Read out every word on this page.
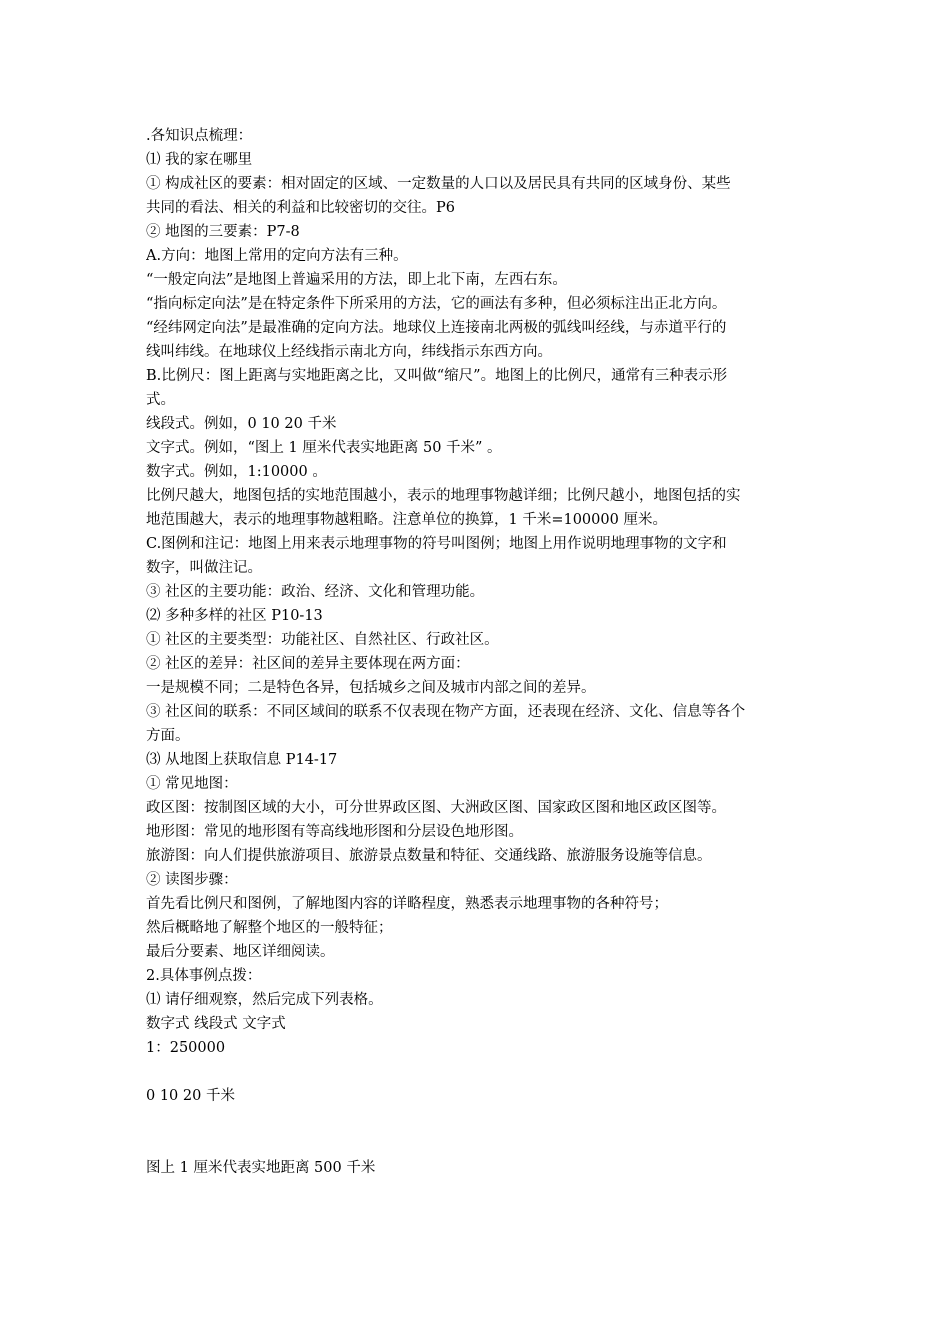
.各知识点梳理：
⑴ 我的家在哪里
① 构成社区的要素：相对固定的区域、一定数量的人口以及居民具有共同的区域身份、某些
共同的看法、相关的利益和比较密切的交往。P6
② 地图的三要素：P7-8
A.方向：地图上常用的定向方法有三种。
“一般定向法”是地图上普遍采用的方法，即上北下南，左西右东。
“指向标定向法”是在特定条件下所采用的方法，它的画法有多种，但必须标注出正北方向。
“经纬网定向法”是最准确的定向方法。地球仪上连接南北两极的弧线叫经线，与赤道平行的
线叫纬线。在地球仪上经线指示南北方向，纬线指示东西方向。
B.比例尺：图上距离与实地距离之比，又叫做“缩尺”。地图上的比例尺，通常有三种表示形
式。
线段式。例如，0 10 20 千米
文字式。例如，“图上 1 厘米代表实地距离 50 千米” 。
数字式。例如，1:10000 。
比例尺越大，地图包括的实地范围越小，表示的地理事物越详细；比例尺越小，地图包括的实
地范围越大，表示的地理事物越粗略。注意单位的换算，1 千米=100000 厘米。
C.图例和注记：地图上用来表示地理事物的符号叫图例；地图上用作说明地理事物的文字和
数字，叫做注记。
③ 社区的主要功能：政治、经济、文化和管理功能。
⑵ 多种多样的社区 P10-13
① 社区的主要类型：功能社区、自然社区、行政社区。
② 社区的差异：社区间的差异主要体现在两方面：
一是规模不同；二是特色各异，包括城乡之间及城市内部之间的差异。
③ 社区间的联系：不同区域间的联系不仅表现在物产方面，还表现在经济、文化、信息等各个
方面。
⑶ 从地图上获取信息 P14-17
① 常见地图：
政区图：按制图区域的大小，可分世界政区图、大洲政区图、国家政区图和地区政区图等。
地形图：常见的地形图有等高线地形图和分层设色地形图。
旅游图：向人们提供旅游项目、旅游景点数量和特征、交通线路、旅游服务设施等信息。
② 读图步骤：
首先看比例尺和图例，了解地图内容的详略程度，熟悉表示地理事物的各种符号；
然后概略地了解整个地区的一般特征；
最后分要素、地区详细阅读。
2.具体事例点拨：
⑴ 请仔细观察，然后完成下列表格。
数字式 线段式 文字式
1：250000
0 10 20 千米
图上 1 厘米代表实地距离 500 千米
